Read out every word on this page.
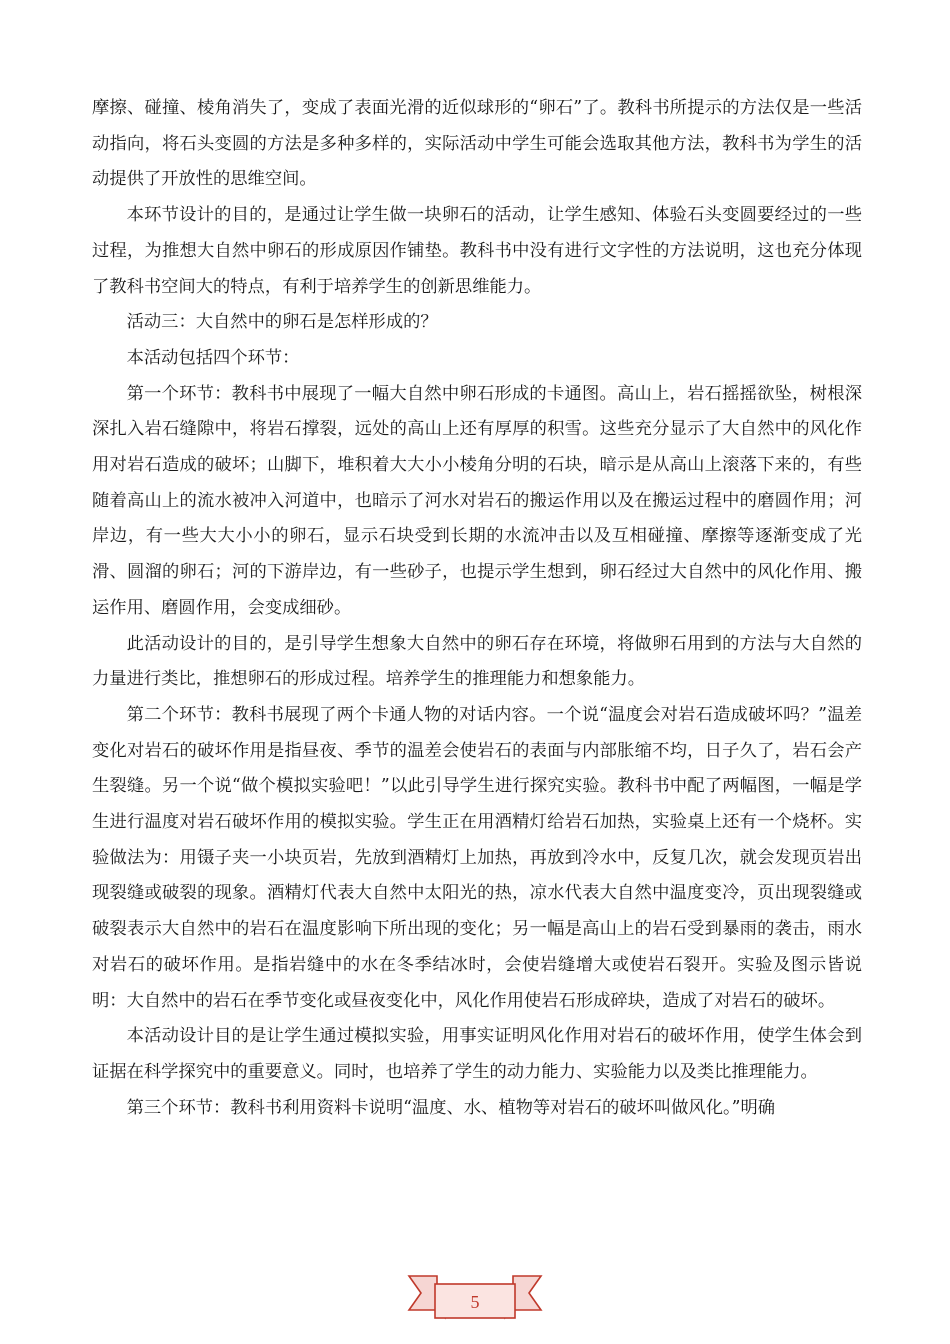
摩擦、碰撞、棱角消失了，变成了表面光滑的近似球形的“卵石”了。教科书所提示的方法仅是一些活动指向，将石头变圆的方法是多种多样的，实际活动中学生可能会选取其他方法，教科书为学生的活动提供了开放性的思维空间。

本环节设计的目的，是通过让学生做一块卵石的活动，让学生感知、体验石头变圆要经过的一些过程，为推想大自然中卵石的形成原因作铺垫。教科书中没有进行文字性的方法说明，这也充分体现了教科书空间大的特点，有利于培养学生的创新思维能力。

活动三：大自然中的卵石是怎样形成的？

本活动包括四个环节：

第一个环节：教科书中展现了一幅大自然中卵石形成的卡通图。高山上，岩石摇摇欲坠，树根深深扎入岩石缝隙中，将岩石撑裂，远处的高山上还有厚厚的积雪。这些充分显示了大自然中的风化作用对岩石造成的破坏；山脚下，堆积着大大小小棱角分明的石块，暗示是从高山上滚落下来的，有些随着高山上的流水被冲入河道中，也暗示了河水对岩石的搬运作用以及在搬运过程中的磨圆作用；河岸边，有一些大大小小的卵石，显示石块受到长期的水流冲击以及互相碰撞、摩擦等逐渐变成了光滑、圆溜的卵石；河的下游岸边，有一些砂子，也提示学生想到，卵石经过大自然中的风化作用、搬运作用、磨圆作用，会变成细砂。

此活动设计的目的，是引导学生想象大自然中的卵石存在环境，将做卵石用到的方法与大自然的力量进行类比，推想卵石的形成过程。培养学生的推理能力和想象能力。

第二个环节：教科书展现了两个卡通人物的对话内容。一个说“温度会对岩石造成破坏吗？”温差变化对岩石的破坏作用是指昼夜、季节的温差会使岩石的表面与内部胀缩不均，日子久了，岩石会产生裂缝。另一个说“做个模拟实验吧！”以此引导学生进行探究实验。教科书中配了两幅图，一幅是学生进行温度对岩石破坏作用的模拟实验。学生正在用酒精灯给岩石加热，实验桌上还有一个烧杯。实验做法为：用镊子夹一小块页岩，先放到酒精灯上加热，再放到冷水中，反复几次，就会发现页岩出现裂缝或破裂的现象。酒精灯代表大自然中太阳光的热，凉水代表大自然中温度变冷，页出现裂缝或破裂表示大自然中的岩石在温度影响下所出现的变化；另一幅是高山上的岩石受到暴雨的袭击，雨水对岩石的破坏作用。是指岩缝中的水在冬季结冰时，会使岩缝增大或使岩石裂开。实验及图示皆说明：大自然中的岩石在季节变化或昼夜变化中，风化作用使岩石形成碎块，造成了对岩石的破坏。

本活动设计目的是让学生通过模拟实验，用事实证明风化作用对岩石的破坏作用，使学生体会到证据在科学探究中的重要意义。同时，也培养了学生的动力能力、实验能力以及类比推理能力。

第三个环节：教科书利用资料卡说明“温度、水、植物等对岩石的破坏叫做风化。”明确

5
